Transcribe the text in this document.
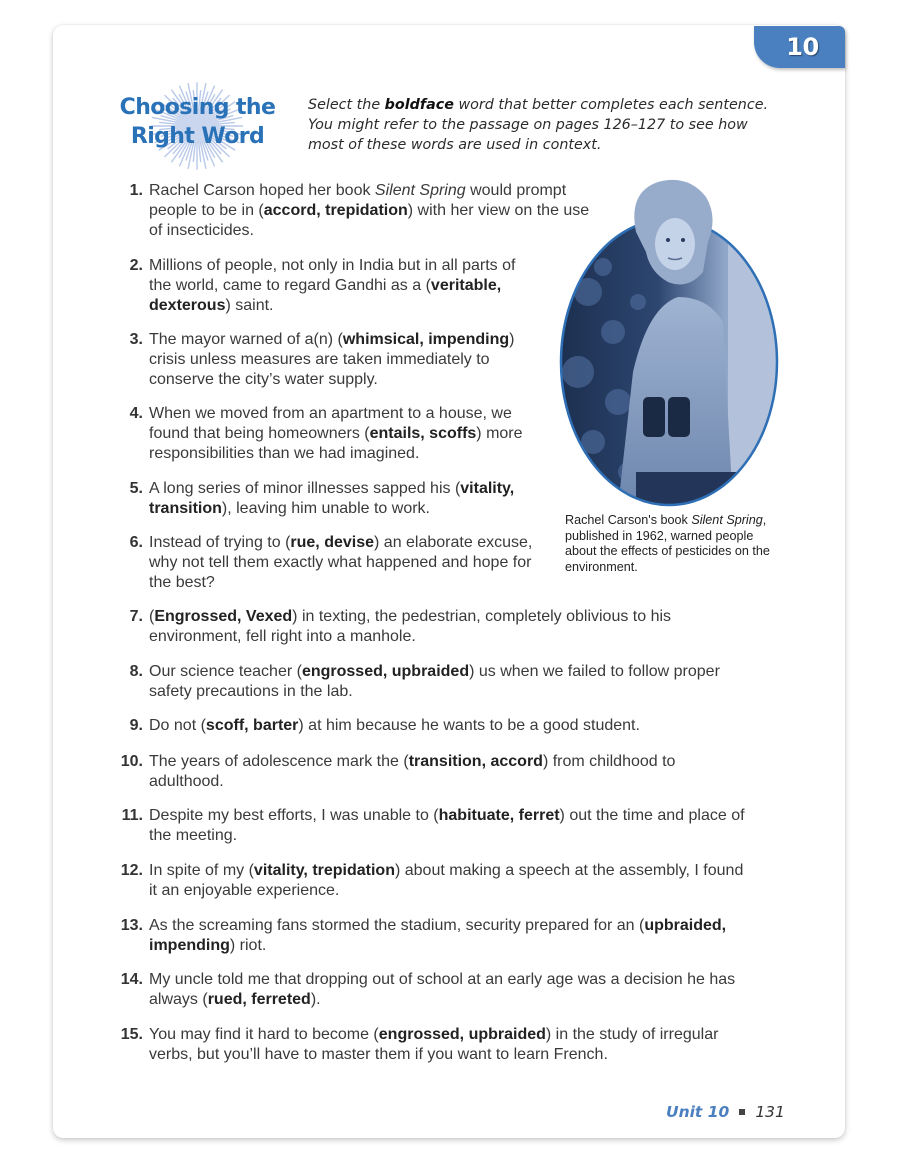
10
Choosing the
Right Word
Select the boldface word that better completes each sentence. You might refer to the passage on pages 126–127 to see how most of these words are used in context.
Rachel Carson's book Silent Spring, published in 1962, warned people about the effects of pesticides on the environment.
1. Rachel Carson hoped her book Silent Spring would prompt people to be in (accord, trepidation) with her view on the use of insecticides.
2. Millions of people, not only in India but in all parts of the world, came to regard Gandhi as a (veritable, dexterous) saint.
3. The mayor warned of a(n) (whimsical, impending) crisis unless measures are taken immediately to conserve the city’s water supply.
4. When we moved from an apartment to a house, we found that being homeowners (entails, scoffs) more responsibilities than we had imagined.
5. A long series of minor illnesses sapped his (vitality, transition), leaving him unable to work.
6. Instead of trying to (rue, devise) an elaborate excuse, why not tell them exactly what happened and hope for the best?
7. (Engrossed, Vexed) in texting, the pedestrian, completely oblivious to his environment, fell right into a manhole.
8. Our science teacher (engrossed, upbraided) us when we failed to follow proper safety precautions in the lab.
9. Do not (scoff, barter) at him because he wants to be a good student.
10. The years of adolescence mark the (transition, accord) from childhood to adulthood.
11. Despite my best efforts, I was unable to (habituate, ferret) out the time and place of the meeting.
12. In spite of my (vitality, trepidation) about making a speech at the assembly, I found it an enjoyable experience.
13. As the screaming fans stormed the stadium, security prepared for an (upbraided, impending) riot.
14. My uncle told me that dropping out of school at an early age was a decision he has always (rued, ferreted).
15. You may find it hard to become (engrossed, upbraided) in the study of irregular verbs, but you’ll have to master them if you want to learn French.
Unit 10 131
